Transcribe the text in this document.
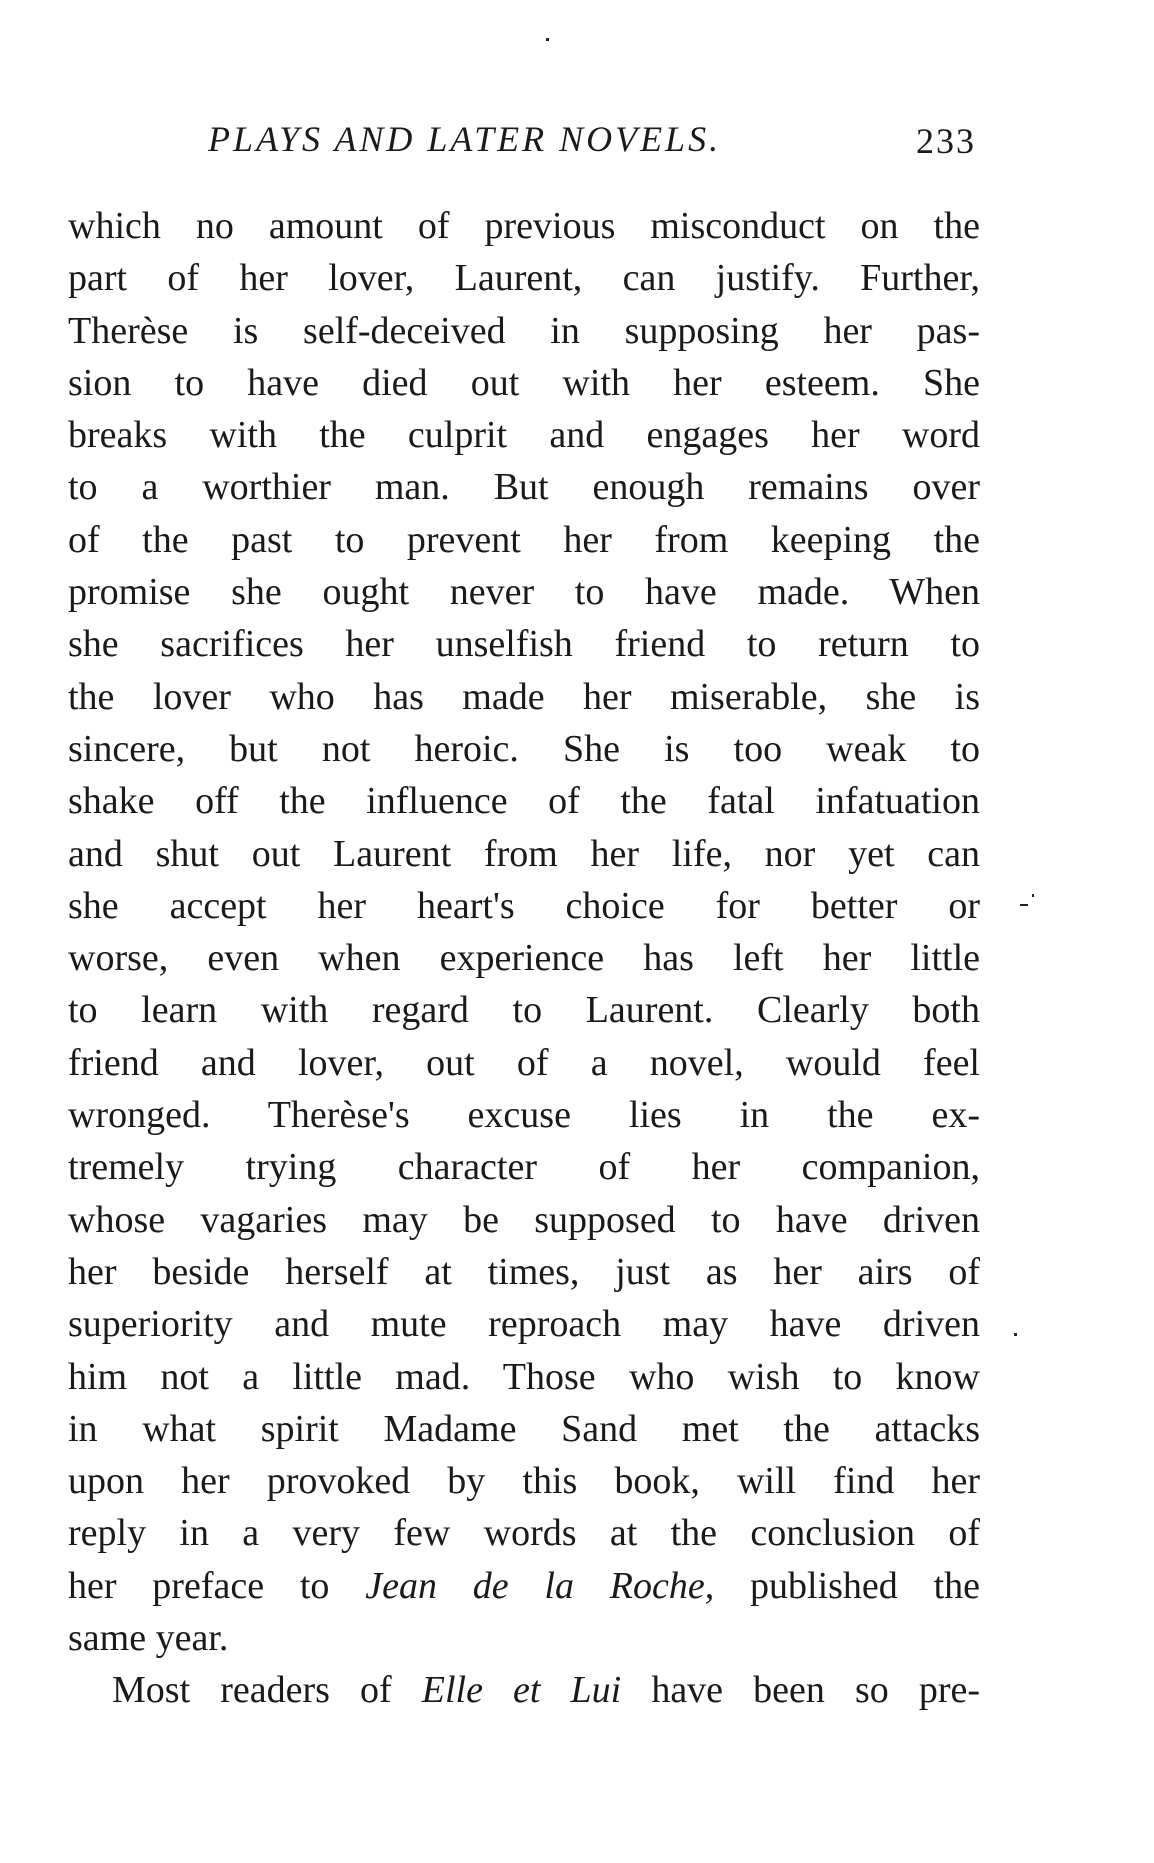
PLAYS AND LATER NOVELS.	233
which no amount of previous misconduct on the
part of her lover, Laurent, can justify. Further,
Therèse is self-deceived in supposing her pas-
sion to have died out with her esteem. She
breaks with the culprit and engages her word
to a worthier man. But enough remains over
of the past to prevent her from keeping the
promise she ought never to have made. When
she sacrifices her unselfish friend to return to
the lover who has made her miserable, she is
sincere, but not heroic. She is too weak to
shake off the influence of the fatal infatuation
and shut out Laurent from her life, nor yet can
she accept her heart's choice for better or
worse, even when experience has left her little
to learn with regard to Laurent. Clearly both
friend and lover, out of a novel, would feel
wronged. Therèse's excuse lies in the ex-
tremely trying character of her companion,
whose vagaries may be supposed to have driven
her beside herself at times, just as her airs of
superiority and mute reproach may have driven
him not a little mad. Those who wish to know
in what spirit Madame Sand met the attacks
upon her provoked by this book, will find her
reply in a very few words at the conclusion of
her preface to Jean de la Roche, published the
same year.
Most readers of Elle et Lui have been so pre-
